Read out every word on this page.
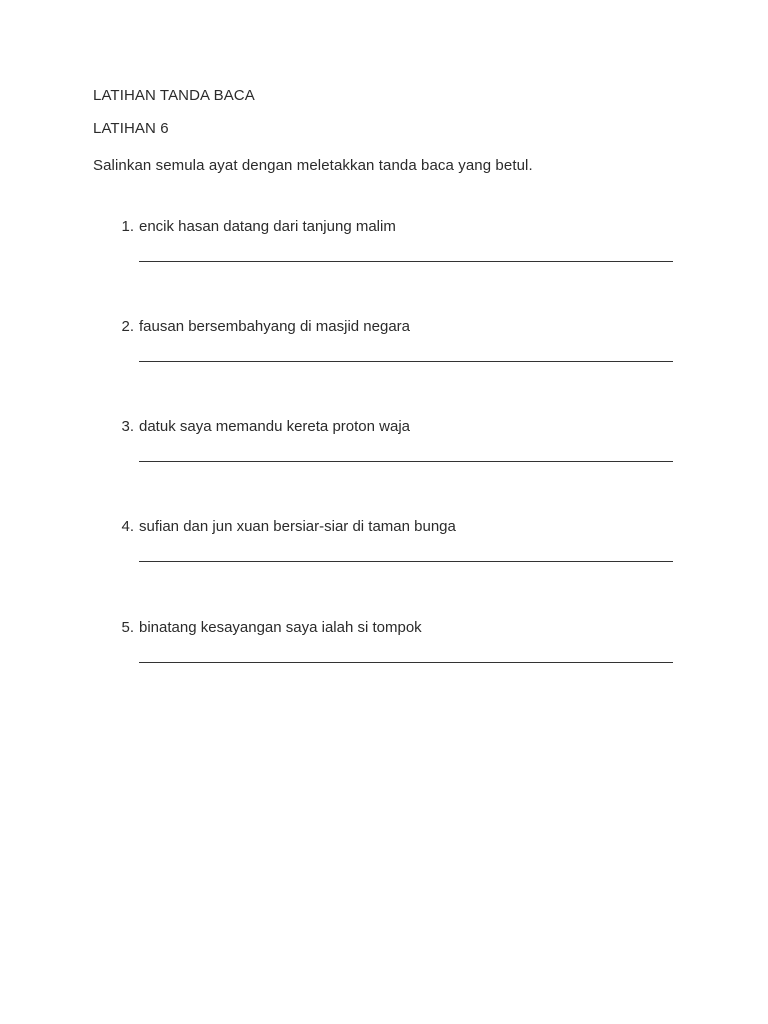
LATIHAN TANDA BACA
LATIHAN 6
Salinkan semula ayat dengan meletakkan tanda baca yang betul.
1. encik hasan datang dari tanjung malim
2. fausan bersembahyang di masjid negara
3. datuk saya memandu kereta proton waja
4. sufian dan jun xuan bersiar-siar di taman bunga
5. binatang kesayangan saya ialah si tompok
